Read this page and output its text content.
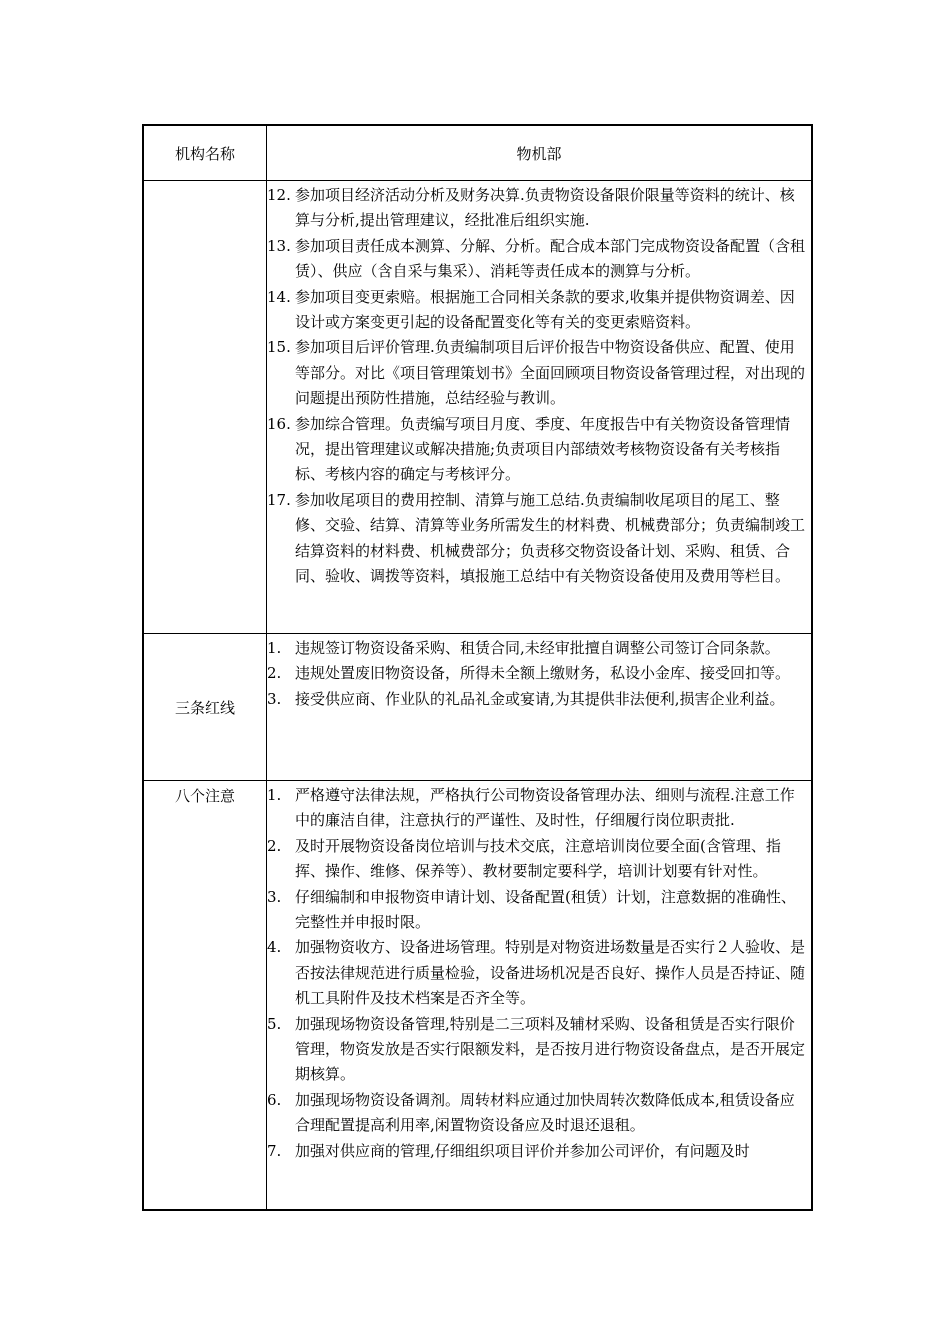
机构名称	物机部
12. 参加项目经济活动分析及财务决算.负责物资设备限价限量等资料的统计、核算与分析,提出管理建议，经批准后组织实施.
13. 参加项目责任成本测算、分解、分析。配合成本部门完成物资设备配置（含租赁）、供应（含自采与集采）、消耗等责任成本的测算与分析。
14. 参加项目变更索赔。根据施工合同相关条款的要求,收集并提供物资调差、因设计或方案变更引起的设备配置变化等有关的变更索赔资料。
15. 参加项目后评价管理.负责编制项目后评价报告中物资设备供应、配置、使用等部分。对比《项目管理策划书》全面回顾项目物资设备管理过程，对出现的问题提出预防性措施，总结经验与教训。
16. 参加综合管理。负责编写项目月度、季度、年度报告中有关物资设备管理情况，提出管理建议或解决措施;负责项目内部绩效考核物资设备有关考核指标、考核内容的确定与考核评分。
17. 参加收尾项目的费用控制、清算与施工总结.负责编制收尾项目的尾工、整修、交验、结算、清算等业务所需发生的材料费、机械费部分；负责编制竣工结算资料的材料费、机械费部分；负责移交物资设备计划、采购、租赁、合同、验收、调拨等资料，填报施工总结中有关物资设备使用及费用等栏目。
三条红线
1. 违规签订物资设备采购、租赁合同,未经审批擅自调整公司签订合同条款。
2. 违规处置废旧物资设备，所得未全额上缴财务，私设小金库、接受回扣等。
3. 接受供应商、作业队的礼品礼金或宴请,为其提供非法便利,损害企业利益。
八个注意	1. 严格遵守法律法规，严格执行公司物资设备管理办法、细则与流程.注意工作中的廉洁自律，注意执行的严谨性、及时性，仔细履行岗位职责批.
2. 及时开展物资设备岗位培训与技术交底，注意培训岗位要全面(含管理、指挥、操作、维修、保养等）、教材要制定要科学，培训计划要有针对性。
3. 仔细编制和申报物资申请计划、设备配置(租赁）计划，注意数据的准确性、完整性并申报时限。
4. 加强物资收方、设备进场管理。特别是对物资进场数量是否实行２人验收、是否按法律规范进行质量检验，设备进场机况是否良好、操作人员是否持证、随机工具附件及技术档案是否齐全等。
5. 加强现场物资设备管理,特别是二三项料及辅材采购、设备租赁是否实行限价管理，物资发放是否实行限额发料，是否按月进行物资设备盘点，是否开展定期核算。
6. 加强现场物资设备调剂。周转材料应通过加快周转次数降低成本,租赁设备应合理配置提高利用率,闲置物资设备应及时退还退租。
7. 加强对供应商的管理,仔细组织项目评价并参加公司评价，有问题及时
